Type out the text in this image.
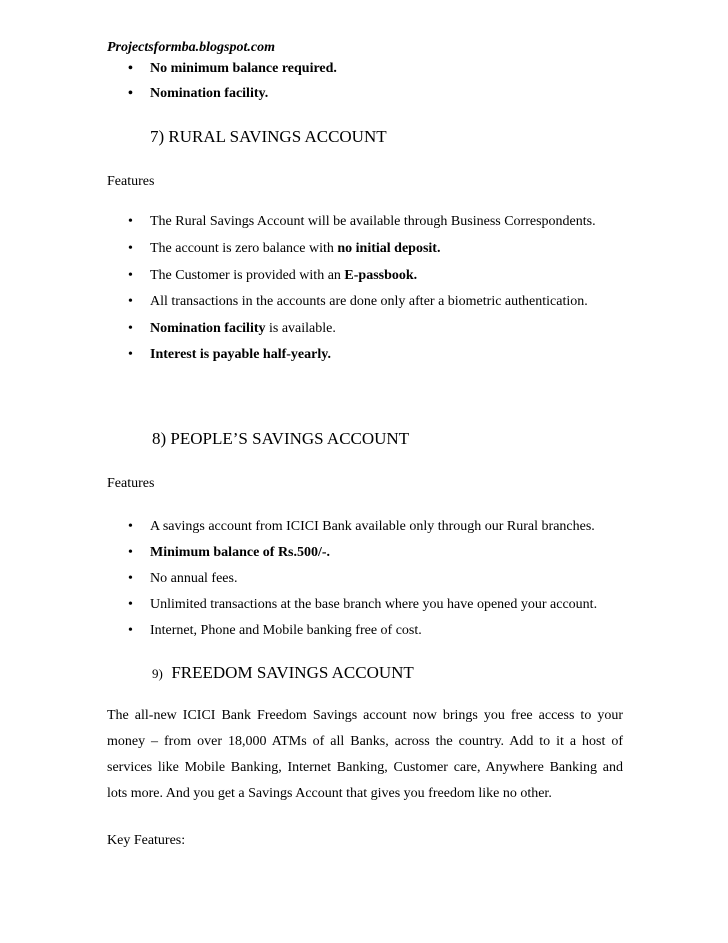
Projectsformba.blogspot.com
• No minimum balance required.
• Nomination facility.
7) RURAL SAVINGS ACCOUNT
Features
• The Rural Savings Account will be available through Business Correspondents.
• The account is zero balance with no initial deposit.
• The Customer is provided with an E-passbook.
• All transactions in the accounts are done only after a biometric authentication.
• Nomination facility is available.
• Interest is payable half-yearly.
8) PEOPLE’S SAVINGS ACCOUNT
Features
• A savings account from ICICI Bank available only through our Rural branches.
• Minimum balance of Rs.500/-.
• No annual fees.
• Unlimited transactions at the base branch where you have opened your account.
• Internet, Phone and Mobile banking free of cost.
9) FREEDOM SAVINGS ACCOUNT
The all-new ICICI Bank Freedom Savings account now brings you free access to your money – from over 18,000 ATMs of all Banks, across the country. Add to it a host of services like Mobile Banking, Internet Banking, Customer care, Anywhere Banking and lots more. And you get a Savings Account that gives you freedom like no other.
Key Features:
